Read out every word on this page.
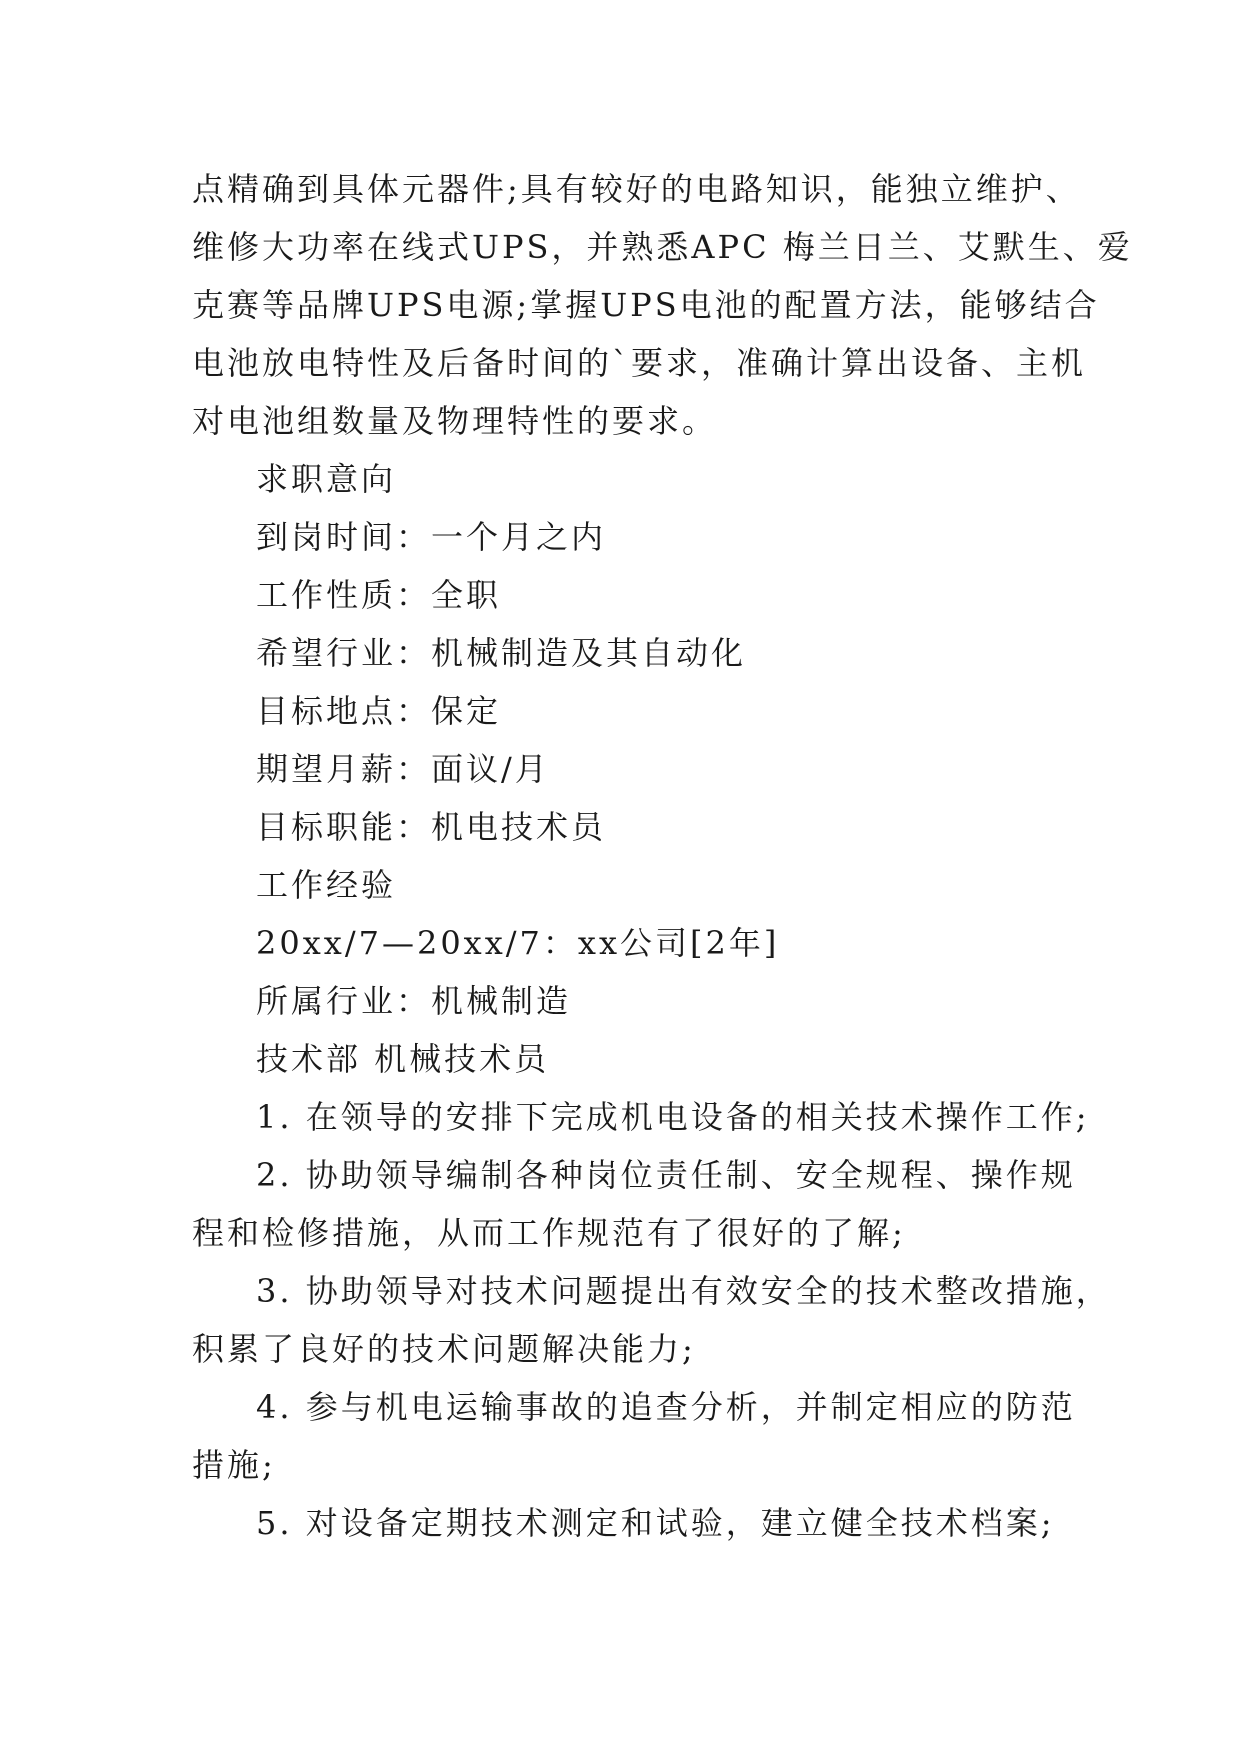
点精确到具体元器件;具有较好的电路知识，能独立维护、

维修大功率在线式UPS，并熟悉APC 梅兰日兰、艾默生、爱

克赛等品牌UPS电源;掌握UPS电池的配置方法，能够结合

电池放电特性及后备时间的`要求，准确计算出设备、主机

对电池组数量及物理特性的要求。

求职意向

到岗时间：一个月之内

工作性质：全职

希望行业：机械制造及其自动化

目标地点：保定

期望月薪：面议/月

目标职能：机电技术员

工作经验

20xx/7—20xx/7：xx公司[2年]

所属行业：机械制造

技术部 机械技术员

1. 在领导的安排下完成机电设备的相关技术操作工作;

2. 协助领导编制各种岗位责任制、安全规程、操作规

程和检修措施，从而工作规范有了很好的了解;

3. 协助领导对技术问题提出有效安全的技术整改措施，

积累了良好的技术问题解决能力;

4. 参与机电运输事故的追查分析，并制定相应的防范

措施;

5. 对设备定期技术测定和试验，建立健全技术档案;
